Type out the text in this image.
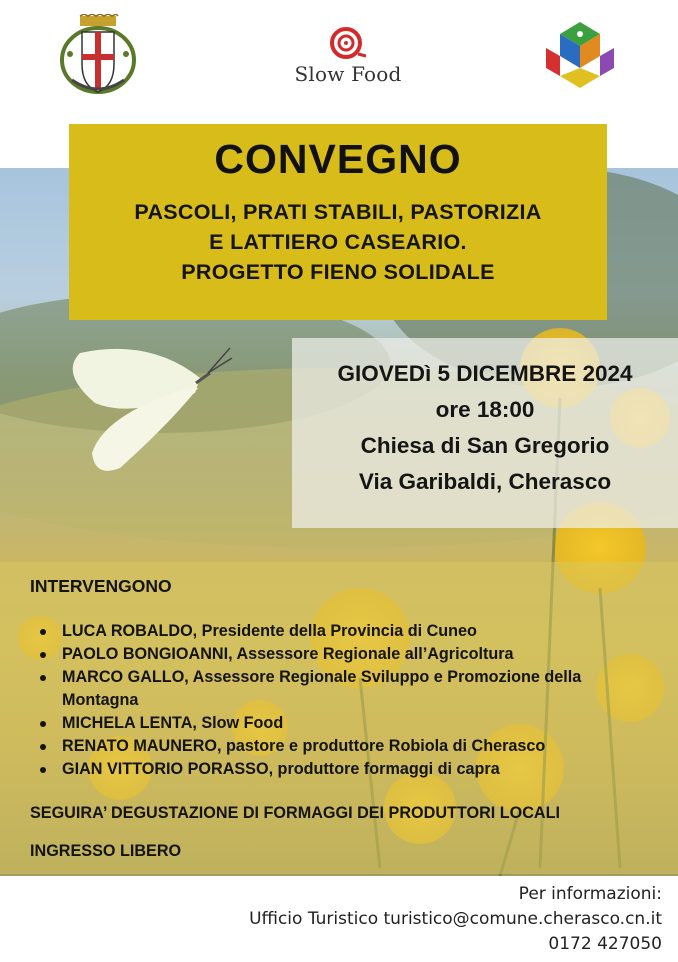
Slow Food
CONVEGNO
PASCOLI, PRATI STABILI, PASTORIZIA
E LATTIERO CASEARIO.
PROGETTO FIENO SOLIDALE
GIOVEDì 5 DICEMBRE 2024
ore 18:00
Chiesa di San Gregorio
Via Garibaldi, Cherasco
INTERVENGONO
LUCA ROBALDO, Presidente della Provincia di Cuneo
PAOLO BONGIOANNI, Assessore Regionale all’Agricoltura
MARCO GALLO, Assessore Regionale Sviluppo e Promozione della Montagna
MICHELA LENTA, Slow Food
RENATO MAUNERO, pastore e produttore Robiola di Cherasco
GIAN VITTORIO PORASSO, produttore formaggi di capra
SEGUIRA’ DEGUSTAZIONE DI FORMAGGI DEI PRODUTTORI LOCALI
INGRESSO LIBERO
Per informazioni:
Ufficio Turistico turistico@comune.cherasco.cn.it
0172 427050
